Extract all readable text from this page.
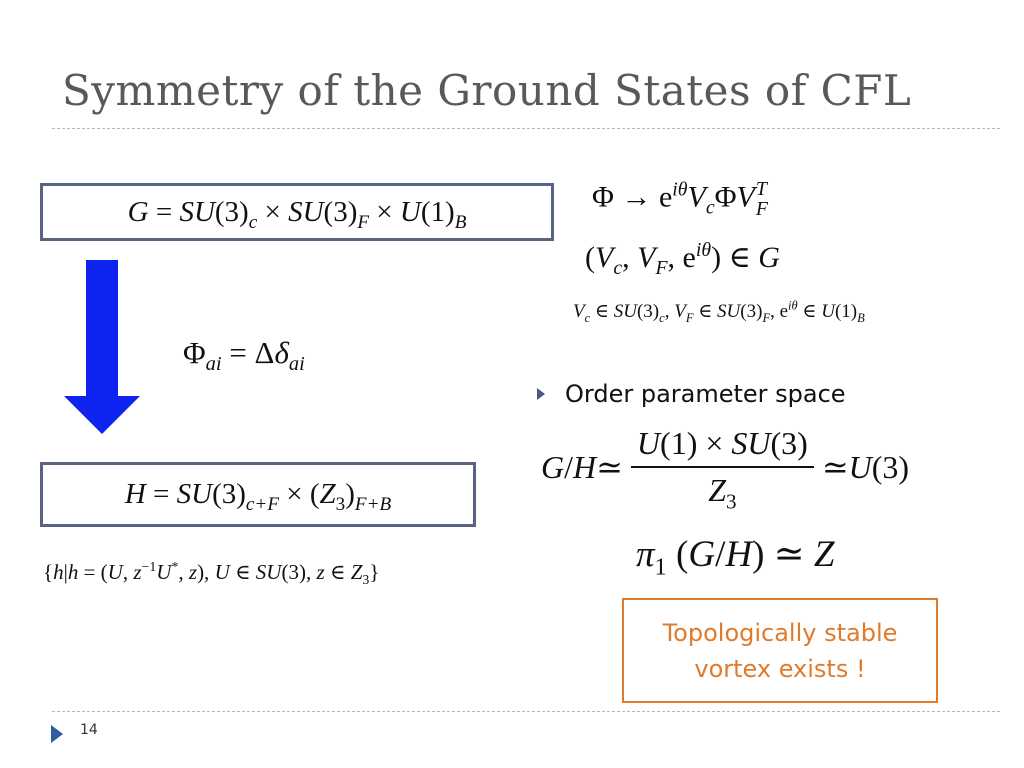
Symmetry of the Ground States of CFL
$G = SU(3)_c \times SU(3)_F \times U(1)_B$
$\Phi_{ai} = \Delta\delta_{ai}$
$H = SU(3)_{c+F} \times (Z_3)_{F+B}$
{h|h = (U, $z^{-1}U^*$, z), U ∈ SU(3), z ∈ $Z_3$}
$\Phi \to e^{i\theta}V_c\Phi V$ T
F
($V_c$, $V_F$, $e^{i\theta}$) ∈ G
$V_c$ ∈ $SU(3)_c$, $V_F$ ∈ $SU(3)_F$, $e^{i\theta}$ ∈ $U(1)_B$
Order parameter space
G / H ≃ $\frac{U(1) \times SU(3)}{Z_3}$ ≃ U (3)
$\pi_1$ (G/H) ≃ Z
Topologically stable
vortex exists !
14
